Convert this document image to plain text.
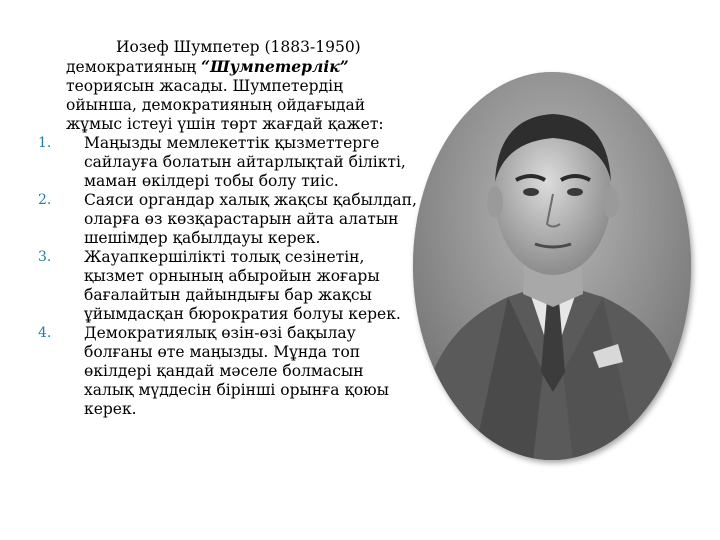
Иозеф Шумпетер (1883-1950) демократияның “Шумпетерлік” теориясын жасады. Шумпетердің ойынша, демократияның ойдағыдай жұмыс істеуі үшін төрт жағдай қажет:

1.	Маңызды мемлекеттік қызметтерге сайлауға болатын айтарлықтай білікті, маман өкілдері тобы болу тиіс.
2.	Саяси органдар халық жақсы қабылдап, оларға өз көзқарастарын айта алатын шешімдер қабылдауы керек.
3.	Жауапкершілікті толық сезінетін, қызмет орнының абыройын жоғары бағалайтын дайындығы бар жақсы ұйымдасқан бюрократия болуы керек.
4.	Демократиялық өзін-өзі бақылау болғаны өте маңызды. Мұнда топ өкілдері қандай мәселе болмасын халық мүддесін бірінші орынға қоюы керек.
